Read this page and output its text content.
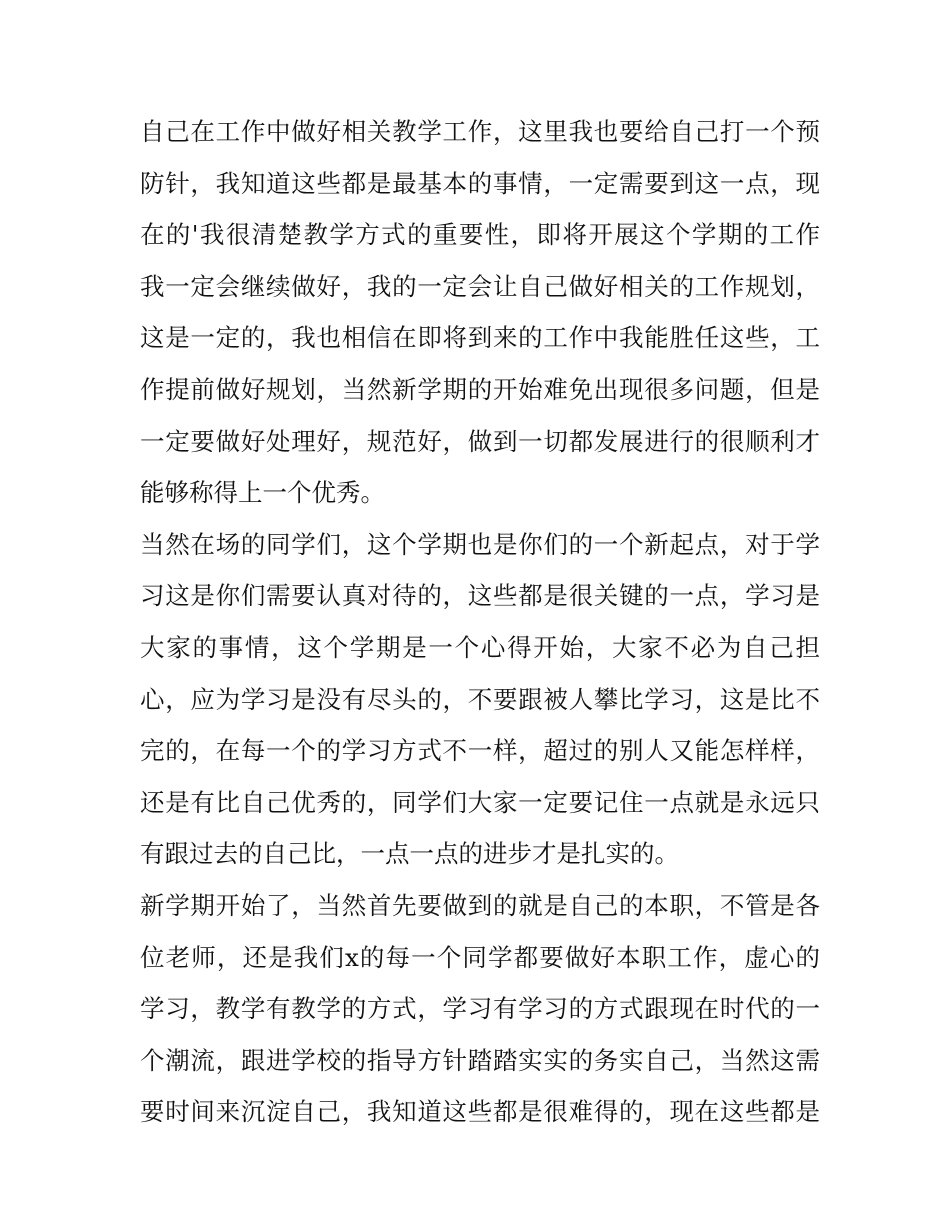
自己在工作中做好相关教学工作，这里我也要给自己打一个预
防针，我知道这些都是最基本的事情，一定需要到这一点，现
在的'我很清楚教学方式的重要性，即将开展这个学期的工作
我一定会继续做好，我的一定会让自己做好相关的工作规划，
这是一定的，我也相信在即将到来的工作中我能胜任这些，工
作提前做好规划，当然新学期的开始难免出现很多问题，但是
一定要做好处理好，规范好，做到一切都发展进行的很顺利才
能够称得上一个优秀。
当然在场的同学们，这个学期也是你们的一个新起点，对于学
习这是你们需要认真对待的，这些都是很关键的一点，学习是
大家的事情，这个学期是一个心得开始，大家不必为自己担
心，应为学习是没有尽头的，不要跟被人攀比学习，这是比不
完的，在每一个的学习方式不一样，超过的别人又能怎样样，
还是有比自己优秀的，同学们大家一定要记住一点就是永远只
有跟过去的自己比，一点一点的进步才是扎实的。
新学期开始了，当然首先要做到的就是自己的本职，不管是各
位老师，还是我们x的每一个同学都要做好本职工作，虚心的
学习，教学有教学的方式，学习有学习的方式跟现在时代的一
个潮流，跟进学校的指导方针踏踏实实的务实自己，当然这需
要时间来沉淀自己，我知道这些都是很难得的，现在这些都是
